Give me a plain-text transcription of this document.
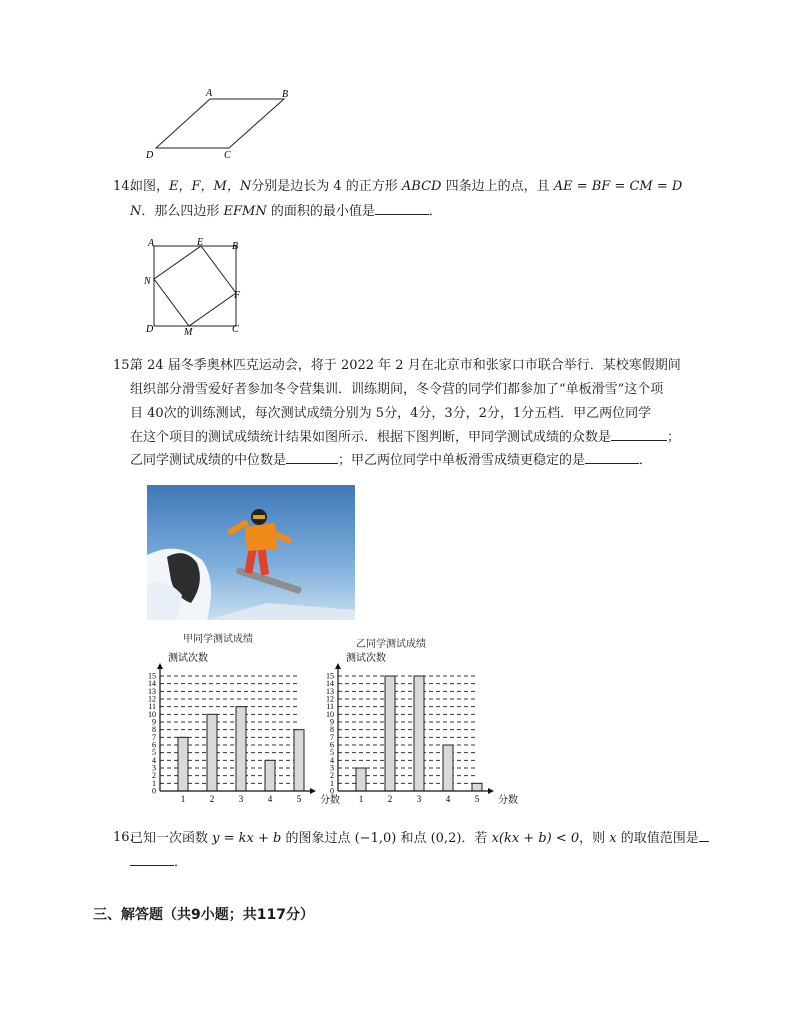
A	B
C
D
14.
如图，E，F，M，N分别是边长为 4 的正方形 ABCD 四条边上的点，且 AE = BF = CM = D
N．那么四边形 EFMN 的面积的最小值是	．
A	E	B
N
F
D	M	C
15.
第 24 届冬季奥林匹克运动会，将于 2022 年 2 月在北京市和张家口市联合举行．某校寒假期间
组织部分滑雪爱好者参加冬令营集训．训练期间，冬令营的同学们都参加了“单板滑雪”这个项
目 40次的训练测试，每次测试成绩分别为 5分，4分，3分，2分，1分五档．甲乙两位同学
在这个项目的测试成绩统计结果如图所示．根据下图判断，甲同学测试成绩的众数是	；
乙同学测试成绩的中位数是	；甲乙两位同学中单板滑雪成绩更稳定的是	．
甲同学测试成绩	乙同学测试成绩
测试次数
0
1
2
3
4
5
6
7
8
9
10
11
12
13
14
15
1	2	3	4	5 分数
测试次数
0
1
2
3
4
5
6
7
8
9
10
11
12
13
14
15
1	2	3	4	5 分数
16.
已知一次函数 y = kx + b 的图象过点 (−1,0) 和点 (0,2)．若 x(kx + b) < 0，则 x 的取值范围是
．
三、解答题（共9小题；共117分）
